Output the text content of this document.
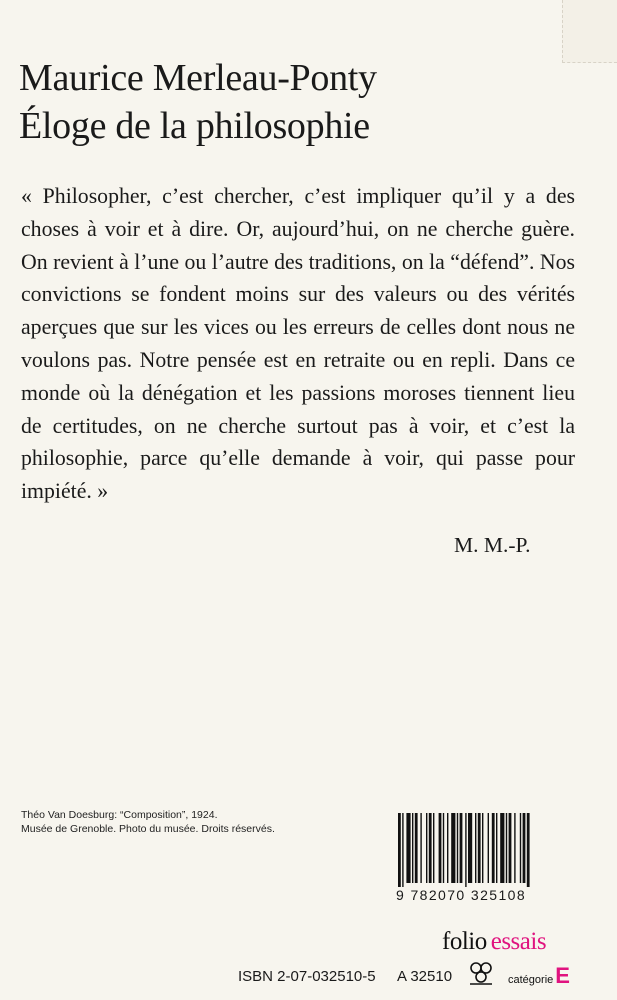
Maurice Merleau-Ponty
Éloge de la philosophie
« Philosopher, c’est chercher, c’est impliquer qu’il y a des choses à voir et à dire. Or, aujourd’hui, on ne cherche guère. On revient à l’une ou l’autre des traditions, on la “défend”. Nos convictions se fondent moins sur des valeurs ou des vérités aperçues que sur les vices ou les erreurs de celles dont nous ne voulons pas. Notre pensée est en retraite ou en repli. Dans ce monde où la dénégation et les passions moroses tiennent lieu de certitudes, on ne cherche surtout pas à voir, et c’est la philosophie, parce qu’elle demande à voir, qui passe pour impiété. »
M. M.-P.
Théo Van Doesburg: “Composition”, 1924.
Musée de Grenoble. Photo du musée. Droits réservés.
9 782070 325108
folio essais
ISBN 2-07-032510-5 A 32510	catégorieE
